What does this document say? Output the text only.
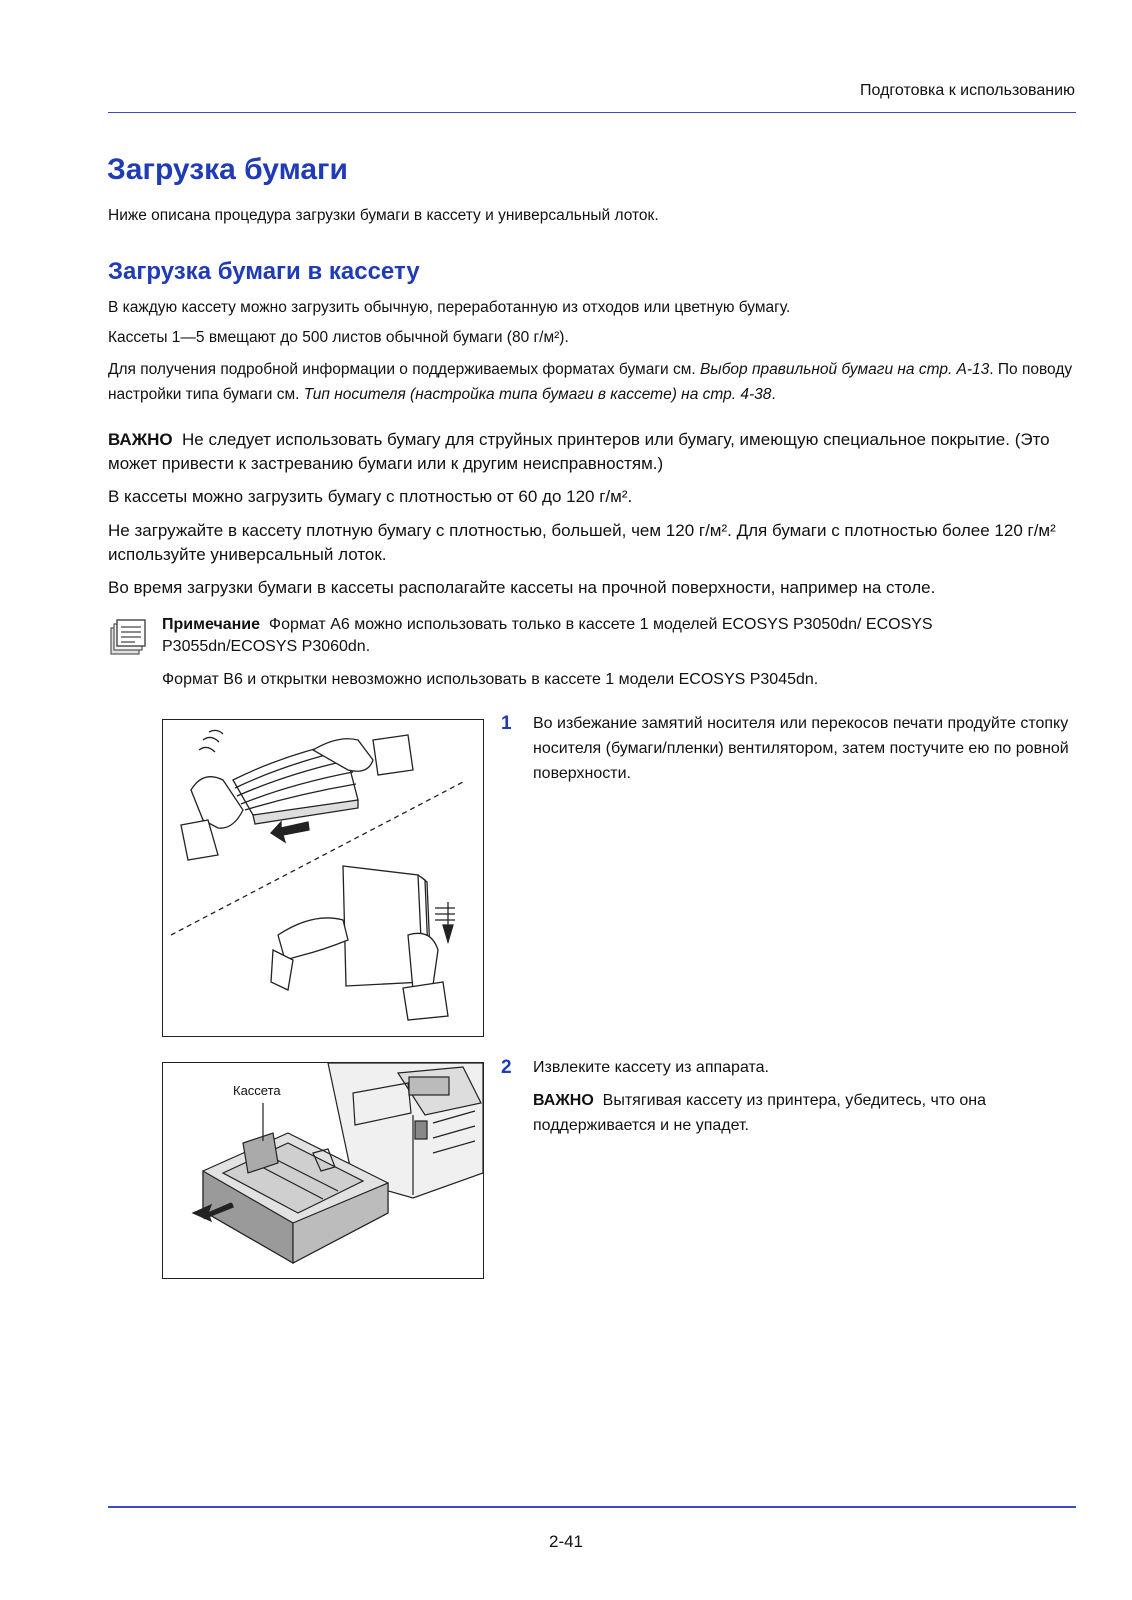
Подготовка к использованию
Загрузка бумаги
Ниже описана процедура загрузки бумаги в кассету и универсальный лоток.
Загрузка бумаги в кассету
В каждую кассету можно загрузить обычную, переработанную из отходов или цветную бумагу.
Кассеты 1—5 вмещают до 500 листов обычной бумаги (80 г/м²).
Для получения подробной информации о поддерживаемых форматах бумаги см. Выбор правильной бумаги на стр. A-13. По поводу настройки типа бумаги см. Тип носителя (настройка типа бумаги в кассете) на стр. 4-38.
ВАЖНО Не следует использовать бумагу для струйных принтеров или бумагу, имеющую специальное покрытие. (Это может привести к застреванию бумаги или к другим неисправностям.)
В кассеты можно загрузить бумагу с плотностью от 60 до 120 г/м².
Не загружайте в кассету плотную бумагу с плотностью, большей, чем 120 г/м². Для бумаги с плотностью более 120 г/м² используйте универсальный лоток.
Во время загрузки бумаги в кассеты располагайте кассеты на прочной поверхности, например на столе.
Примечание Формат A6 можно использовать только в кассете 1 моделей ECOSYS P3050dn/ ECOSYS P3055dn/ECOSYS P3060dn.
Формат B6 и открытки невозможно использовать в кассете 1 модели ECOSYS P3045dn.
1 Во избежание замятий носителя или перекосов печати продуйте стопку носителя (бумаги/пленки) вентилятором, затем постучите ею по ровной поверхности.
Кассета
2 Извлеките кассету из аппарата.
ВАЖНО Вытягивая кассету из принтера, убедитесь, что она поддерживается и не упадет.
2-41
